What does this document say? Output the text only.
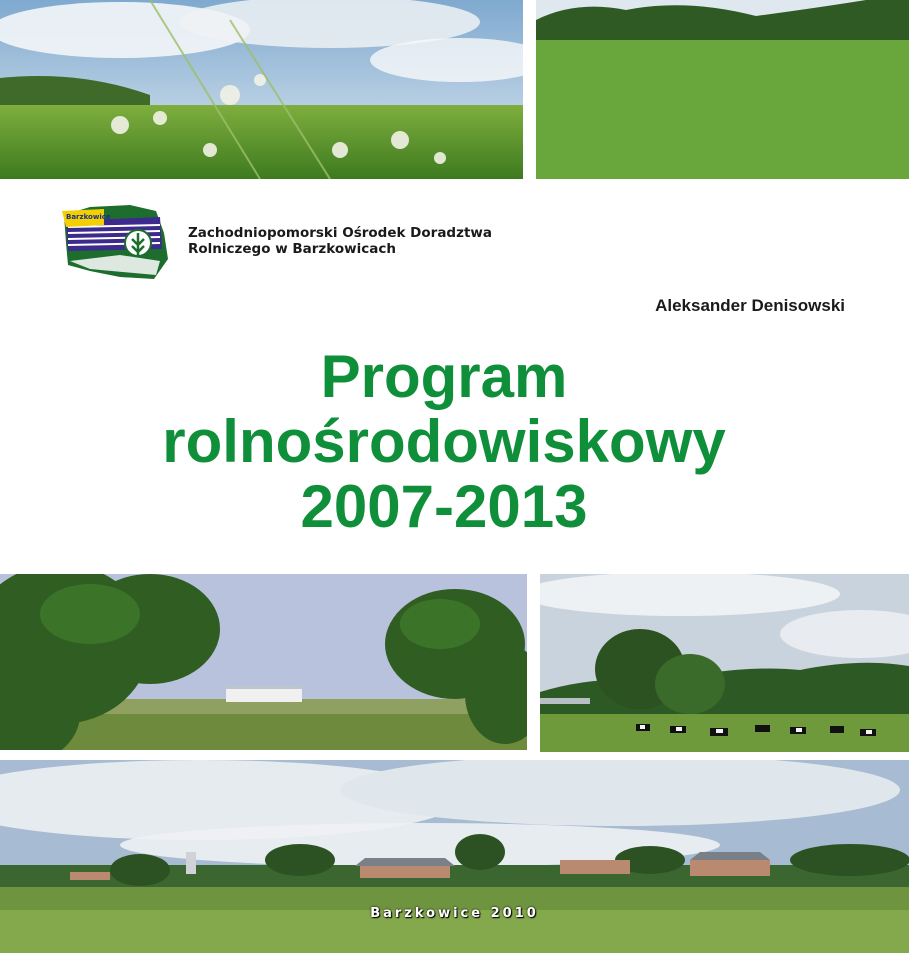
Barzkowice
Zachodniopomorski Ośrodek Doradztwa
Rolniczego w Barzkowicach
Aleksander Denisowski
Program
rolnośrodowiskowy
2007-2013
Barzkowice 2010
